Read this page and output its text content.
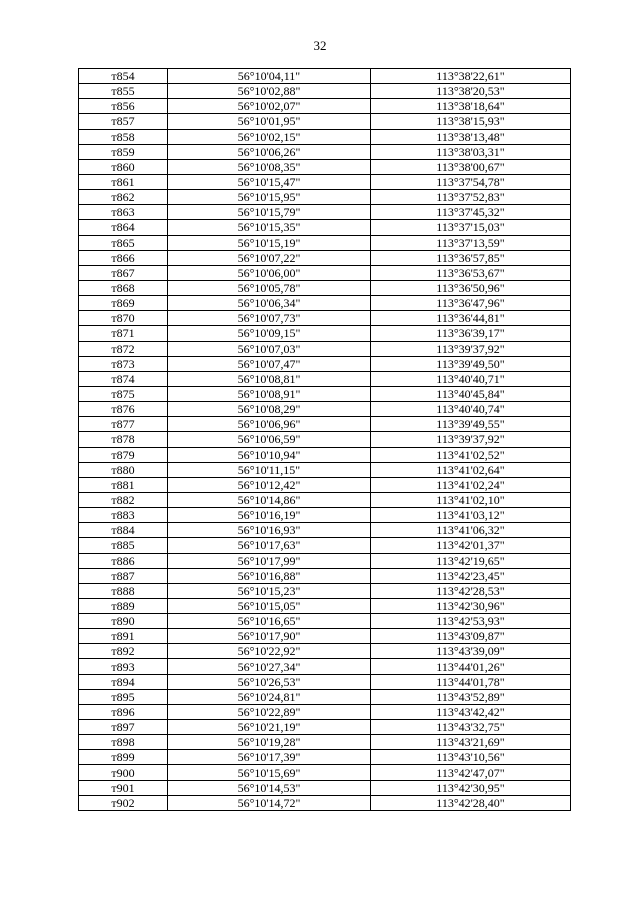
32
т854	56°10'04,11"	113°38'22,61"
т855	56°10'02,88"	113°38'20,53"
т856	56°10'02,07"	113°38'18,64"
т857	56°10'01,95"	113°38'15,93"
т858	56°10'02,15"	113°38'13,48"
т859	56°10'06,26"	113°38'03,31"
т860	56°10'08,35"	113°38'00,67"
т861	56°10'15,47"	113°37'54,78"
т862	56°10'15,95"	113°37'52,83"
т863	56°10'15,79"	113°37'45,32"
т864	56°10'15,35"	113°37'15,03"
т865	56°10'15,19"	113°37'13,59"
т866	56°10'07,22"	113°36'57,85"
т867	56°10'06,00"	113°36'53,67"
т868	56°10'05,78"	113°36'50,96"
т869	56°10'06,34"	113°36'47,96"
т870	56°10'07,73"	113°36'44,81"
т871	56°10'09,15"	113°36'39,17"
т872	56°10'07,03"	113°39'37,92"
т873	56°10'07,47"	113°39'49,50"
т874	56°10'08,81"	113°40'40,71"
т875	56°10'08,91"	113°40'45,84"
т876	56°10'08,29"	113°40'40,74"
т877	56°10'06,96"	113°39'49,55"
т878	56°10'06,59"	113°39'37,92"
т879	56°10'10,94"	113°41'02,52"
т880	56°10'11,15"	113°41'02,64"
т881	56°10'12,42"	113°41'02,24"
т882	56°10'14,86"	113°41'02,10"
т883	56°10'16,19"	113°41'03,12"
т884	56°10'16,93"	113°41'06,32"
т885	56°10'17,63"	113°42'01,37"
т886	56°10'17,99"	113°42'19,65"
т887	56°10'16,88"	113°42'23,45"
т888	56°10'15,23"	113°42'28,53"
т889	56°10'15,05"	113°42'30,96"
т890	56°10'16,65"	113°42'53,93"
т891	56°10'17,90"	113°43'09,87"
т892	56°10'22,92"	113°43'39,09"
т893	56°10'27,34"	113°44'01,26"
т894	56°10'26,53"	113°44'01,78"
т895	56°10'24,81"	113°43'52,89"
т896	56°10'22,89"	113°43'42,42"
т897	56°10'21,19"	113°43'32,75"
т898	56°10'19,28"	113°43'21,69"
т899	56°10'17,39"	113°43'10,56"
т900	56°10'15,69"	113°42'47,07"
т901	56°10'14,53"	113°42'30,95"
т902	56°10'14,72"	113°42'28,40"
